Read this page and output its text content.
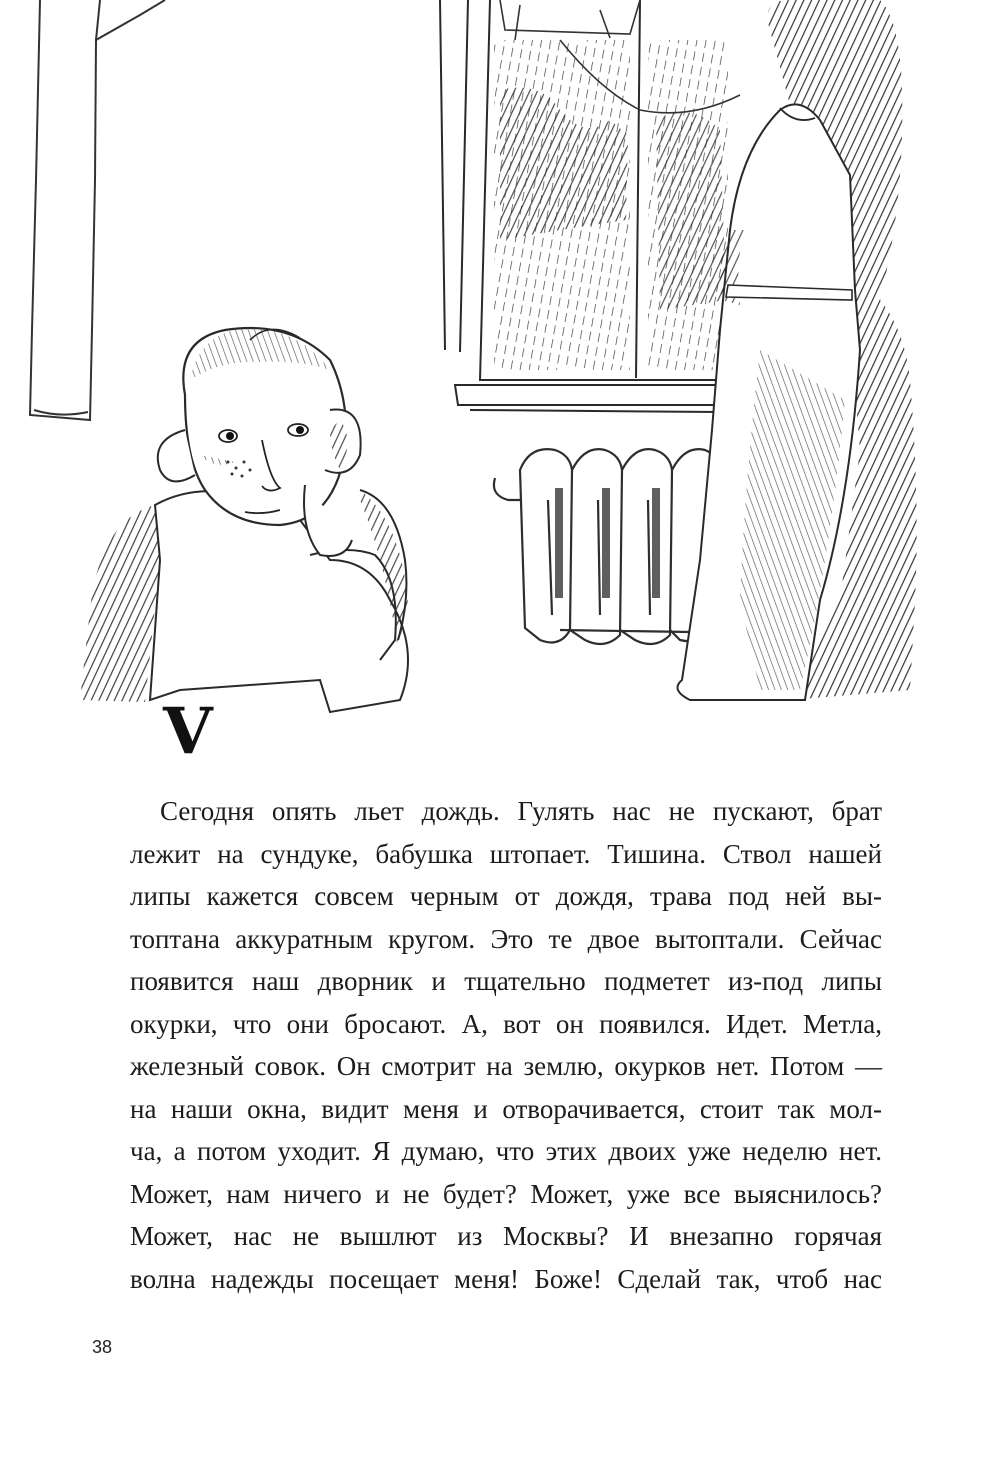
V
Сегодня опять льет дождь. Гулять нас не пускают, брат
лежит на сундуке, бабушка штопает. Тишина. Ствол нашей
липы кажется совсем черным от дождя, трава под ней вы-
топтана аккуратным кругом. Это те двое вытоптали. Сейчас
появится наш дворник и тщательно подметет из-под липы
окурки, что они бросают. А, вот он появился. Идет. Метла,
железный совок. Он смотрит на землю, окурков нет. Потом —
на наши окна, видит меня и отворачивается, стоит так мол-
ча, а потом уходит. Я думаю, что этих двоих уже неделю нет.
Может, нам ничего и не будет? Может, уже все выяснилось?
Может, нас не вышлют из Москвы? И внезапно горячая
волна надежды посещает меня! Боже! Сделай так, чтоб нас
38
